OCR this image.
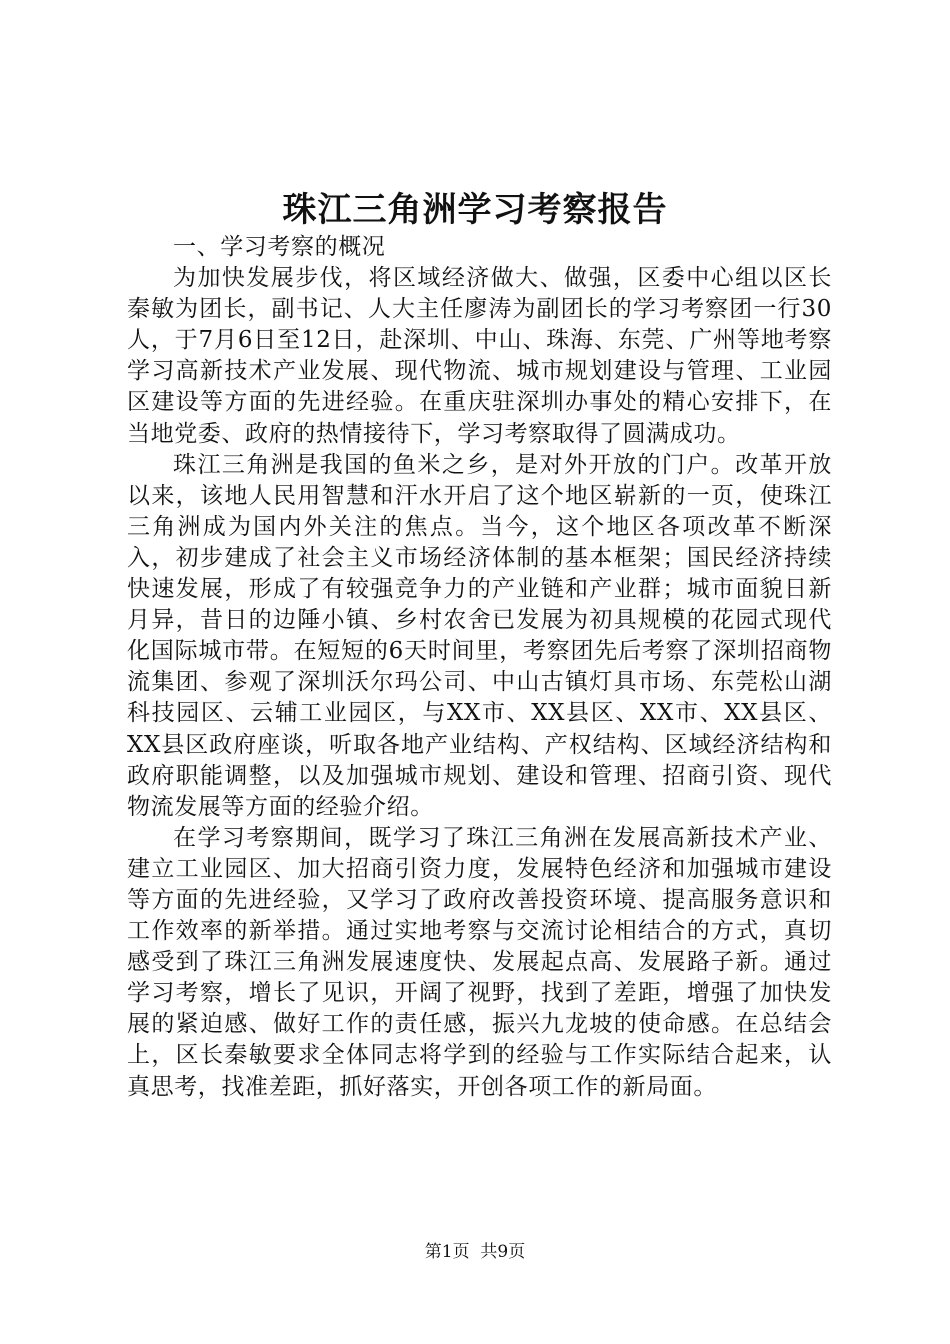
珠江三角洲学习考察报告

一、学习考察的概况

为加快发展步伐，将区域经济做大、做强，区委中心组以区长秦敏为团长，副书记、人大主任廖涛为副团长的学习考察团一行30人，于7月6日至12日，赴深圳、中山、珠海、东莞、广州等地考察学习高新技术产业发展、现代物流、城市规划建设与管理、工业园区建设等方面的先进经验。在重庆驻深圳办事处的精心安排下，在当地党委、政府的热情接待下，学习考察取得了圆满成功。

珠江三角洲是我国的鱼米之乡，是对外开放的门户。改革开放以来，该地人民用智慧和汗水开启了这个地区崭新的一页，使珠江三角洲成为国内外关注的焦点。当今，这个地区各项改革不断深入，初步建成了社会主义市场经济体制的基本框架；国民经济持续快速发展，形成了有较强竞争力的产业链和产业群；城市面貌日新月异，昔日的边陲小镇、乡村农舍已发展为初具规模的花园式现代化国际城市带。在短短的6天时间里，考察团先后考察了深圳招商物流集团、参观了深圳沃尔玛公司、中山古镇灯具市场、东莞松山湖科技园区、云辅工业园区，与XX市、XX县区、XX市、XX县区、XX县区政府座谈，听取各地产业结构、产权结构、区域经济结构和政府职能调整，以及加强城市规划、建设和管理、招商引资、现代物流发展等方面的经验介绍。

在学习考察期间，既学习了珠江三角洲在发展高新技术产业、建立工业园区、加大招商引资力度，发展特色经济和加强城市建设等方面的先进经验，又学习了政府改善投资环境、提高服务意识和工作效率的新举措。通过实地考察与交流讨论相结合的方式，真切感受到了珠江三角洲发展速度快、发展起点高、发展路子新。通过学习考察，增长了见识，开阔了视野，找到了差距，增强了加快发展的紧迫感、做好工作的责任感，振兴九龙坡的使命感。在总结会上，区长秦敏要求全体同志将学到的经验与工作实际结合起来，认真思考，找准差距，抓好落实，开创各项工作的新局面。

第1页 共9页
